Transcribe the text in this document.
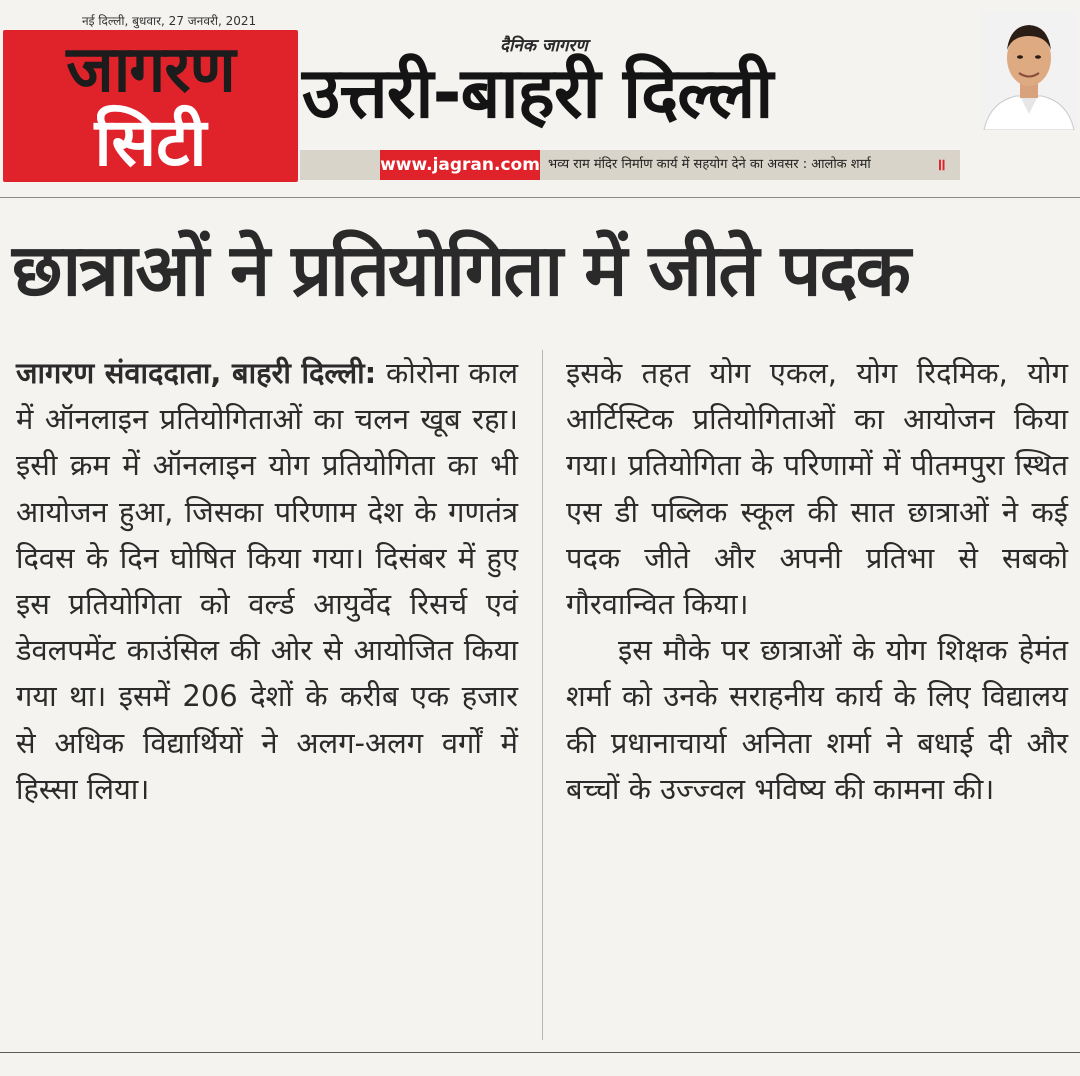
नई दिल्ली, बुधवार, 27 जनवरी, 2021
जागरण
सिटी
दैनिक जागरण
उत्तरी-बाहरी दिल्ली
www.jagran.com भव्य राम मंदिर निर्माण कार्य में सहयोग देने का अवसर : आलोक शर्मा	॥
छात्राओं ने प्रतियोगिता में जीते पदक

जागरण संवाददाता, बाहरी दिल्ली: कोरोना काल में ऑनलाइन प्रतियोगिताओं का चलन खूब रहा। इसी क्रम में ऑनलाइन योग प्रतियोगिता का भी आयोजन हुआ, जिसका परिणाम देश के गणतंत्र दिवस के दिन घोषित किया गया। दिसंबर में हुए इस प्रतियोगिता को वर्ल्ड आयुर्वेद रिसर्च एवं डेवलपमेंट काउंसिल की ओर से आयोजित किया गया था। इसमें 206 देशों के करीब एक हजार से अधिक विद्यार्थियों ने अलग-अलग वर्गों में हिस्सा लिया।

इसके तहत योग एकल, योग रिदमिक, योग आर्टिस्टिक प्रतियोगिताओं का आयोजन किया गया। प्रतियोगिता के परिणामों में पीतमपुरा स्थित एस डी पब्लिक स्कूल की सात छात्राओं ने कई पदक जीते और अपनी प्रतिभा से सबको गौरवान्वित किया।

इस मौके पर छात्राओं के योग शिक्षक हेमंत शर्मा को उनके सराहनीय कार्य के लिए विद्यालय की प्रधानाचार्या अनिता शर्मा ने बधाई दी और बच्चों के उज्ज्वल भविष्य की कामना की।
